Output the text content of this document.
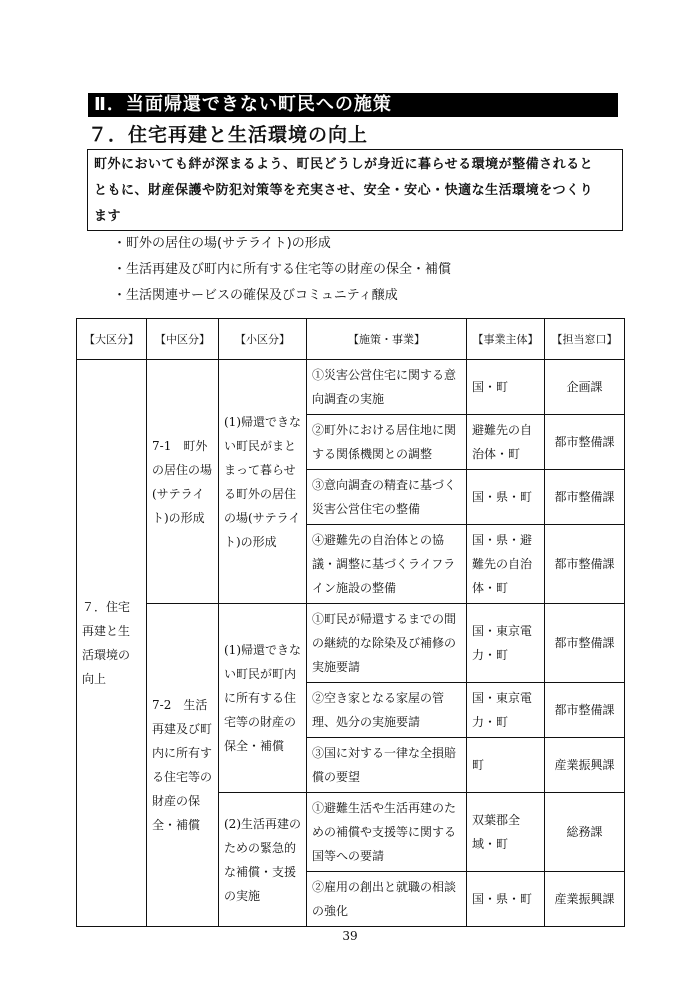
Ⅱ．当面帰還できない町民への施策
７．住宅再建と生活環境の向上
町外においても絆が深まるよう、町民どうしが身近に暮らせる環境が整備されると
ともに、財産保護や防犯対策等を充実させ、安全・安心・快適な生活環境をつくり
ます
・町外の居住の場(サテライト)の形成
・生活再建及び町内に所有する住宅等の財産の保全・補償
・生活関連サービスの確保及びコミュニティ醸成
【大区分】	【中区分】	【小区分】	【施策・事業】	【事業主体】	【担当窓口】

７．住宅再建と生活環境の向上	7-1　町外の居住の場(サテライト)の形成	(1)帰還できない町民がまとまって暮らせる町外の居住の場(サテライト)の形成	①災害公営住宅に関する意向調査の実施	国・町	企画課

			②町外における居住地に関する関係機関との調整	避難先の自治体・町	都市整備課

			③意向調査の精査に基づく災害公営住宅の整備	国・県・町	都市整備課

			④避難先の自治体との協議・調整に基づくライフライン施設の整備	国・県・避難先の自治体・町	都市整備課

	7-2　生活再建及び町内に所有する住宅等の財産の保全・補償	(1)帰還できない町民が町内に所有する住宅等の財産の保全・補償	①町民が帰還するまでの間の継続的な除染及び補修の実施要請	国・東京電力・町	都市整備課

			②空き家となる家屋の管理、処分の実施要請	国・東京電力・町	都市整備課

			③国に対する一律な全損賠償の要望	町	産業振興課

		(2)生活再建のための緊急的な補償・支援の実施	①避難生活や生活再建のための補償や支援等に関する国等への要請	双葉郡全域・町	総務課

			②雇用の創出と就職の相談の強化	国・県・町	産業振興課
39
